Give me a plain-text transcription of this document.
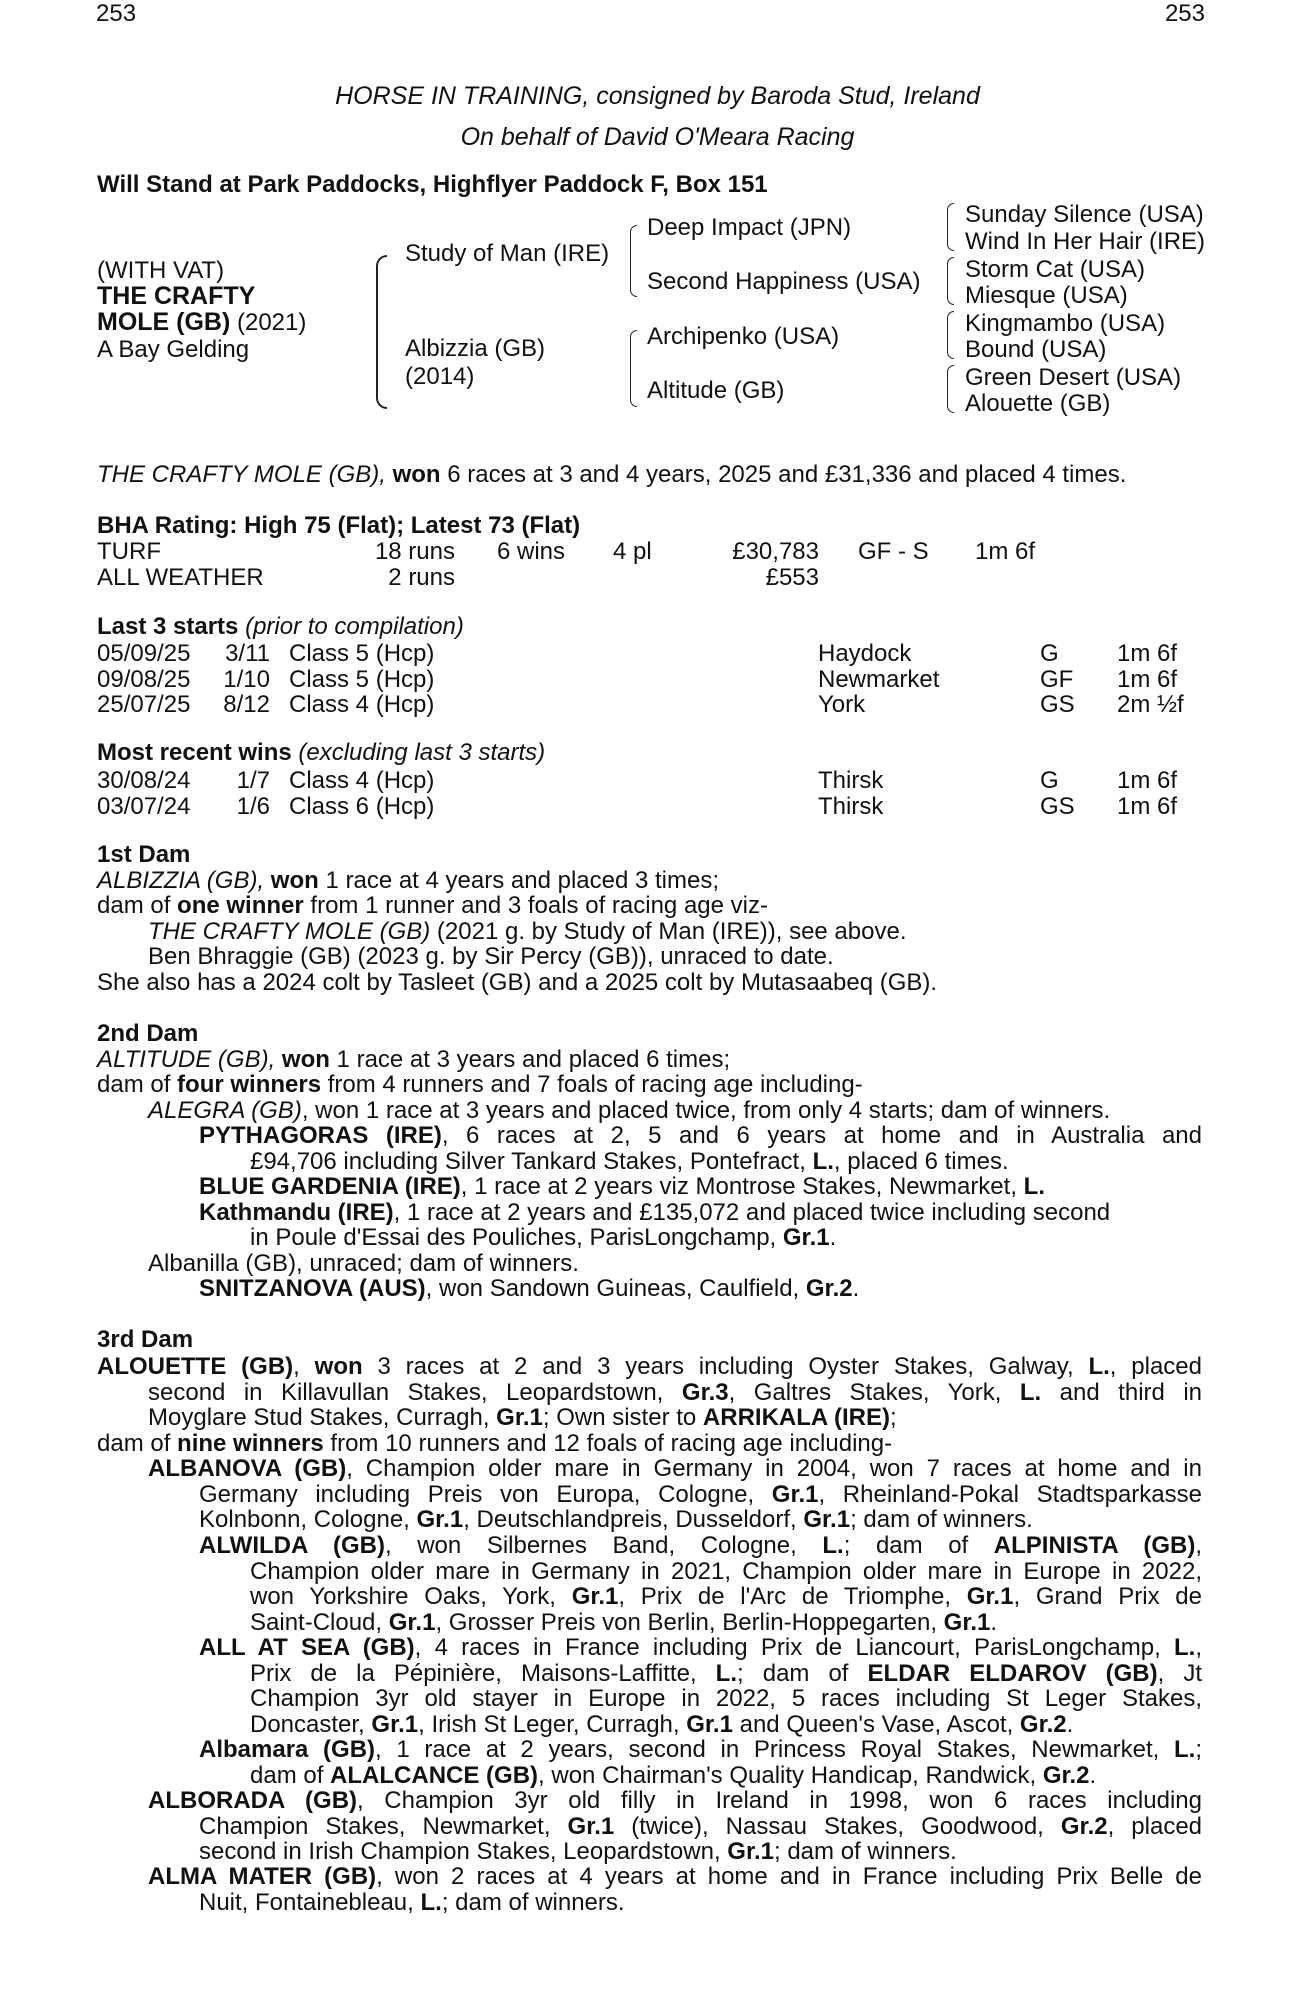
253
HORSE IN TRAINING, consigned by Baroda Stud, Ireland
On behalf of David O'Meara Racing
253
Will Stand at Park Paddocks, Highflyer Paddock F, Box 151
(WITH VAT)
THE CRAFTY
MOLE (GB) (2021)
A Bay Gelding
Study of Man (IRE)
Albizzia (GB)
(2014)
Deep Impact (JPN)
Second Happiness (USA)
Archipenko (USA)
Altitude (GB)
Sunday Silence (USA)
Wind In Her Hair (IRE)
Storm Cat (USA)
Miesque (USA)
Kingmambo (USA)
Bound (USA)
Green Desert (USA)
Alouette (GB)
THE CRAFTY MOLE (GB), won 6 races at 3 and 4 years, 2025 and £31,336 and placed 4 times.
BHA Rating: High 75 (Flat); Latest 73 (Flat)
TURF	18 runs 6 wins 4 pl	£30,783 GF - S 1m 6f
ALL WEATHER	2 runs	£553
Last 3 starts (prior to compilation)
05/09/25	3/11 Class 5 (Hcp)	Haydock	G 1m 6f
09/08/25	1/10 Class 5 (Hcp)	Newmarket	GF 1m 6f
25/07/25	8/12 Class 4 (Hcp)	York	GS 2m ½f
Most recent wins (excluding last 3 starts)
30/08/24	1/7 Class 4 (Hcp)	Thirsk	G 1m 6f
03/07/24	1/6 Class 6 (Hcp)	Thirsk	GS 1m 6f
1st Dam
ALBIZZIA (GB), won 1 race at 4 years and placed 3 times;
dam of one winner from 1 runner and 3 foals of racing age viz-
THE CRAFTY MOLE (GB) (2021 g. by Study of Man (IRE)), see above.
Ben Bhraggie (GB) (2023 g. by Sir Percy (GB)), unraced to date.
She also has a 2024 colt by Tasleet (GB) and a 2025 colt by Mutasaabeq (GB).
2nd Dam
ALTITUDE (GB), won 1 race at 3 years and placed 6 times;
dam of four winners from 4 runners and 7 foals of racing age including-
ALEGRA (GB), won 1 race at 3 years and placed twice, from only 4 starts; dam of winners.
PYTHAGORAS (IRE), 6 races at 2, 5 and 6 years at home and in Australia and
£94,706 including Silver Tankard Stakes, Pontefract, L., placed 6 times.
BLUE GARDENIA (IRE), 1 race at 2 years viz Montrose Stakes, Newmarket, L.
Kathmandu (IRE), 1 race at 2 years and £135,072 and placed twice including second
in Poule d'Essai des Pouliches, ParisLongchamp, Gr.1.
Albanilla (GB), unraced; dam of winners.
SNITZANOVA (AUS), won Sandown Guineas, Caulfield, Gr.2.
3rd Dam
ALOUETTE (GB), won 3 races at 2 and 3 years including Oyster Stakes, Galway, L., placed
second in Killavullan Stakes, Leopardstown, Gr.3, Galtres Stakes, York, L. and third in
Moyglare Stud Stakes, Curragh, Gr.1; Own sister to ARRIKALA (IRE);
dam of nine winners from 10 runners and 12 foals of racing age including-
ALBANOVA (GB), Champion older mare in Germany in 2004, won 7 races at home and in
Germany including Preis von Europa, Cologne, Gr.1, Rheinland-Pokal Stadtsparkasse
Kolnbonn, Cologne, Gr.1, Deutschlandpreis, Dusseldorf, Gr.1; dam of winners.
ALWILDA (GB), won Silbernes Band, Cologne, L.; dam of ALPINISTA (GB),
Champion older mare in Germany in 2021, Champion older mare in Europe in 2022,
won Yorkshire Oaks, York, Gr.1, Prix de l'Arc de Triomphe, Gr.1, Grand Prix de
Saint-Cloud, Gr.1, Grosser Preis von Berlin, Berlin-Hoppegarten, Gr.1.
ALL AT SEA (GB), 4 races in France including Prix de Liancourt, ParisLongchamp, L.,
Prix de la Pépinière, Maisons-Laffitte, L.; dam of ELDAR ELDAROV (GB), Jt
Champion 3yr old stayer in Europe in 2022, 5 races including St Leger Stakes,
Doncaster, Gr.1, Irish St Leger, Curragh, Gr.1 and Queen's Vase, Ascot, Gr.2.
Albamara (GB), 1 race at 2 years, second in Princess Royal Stakes, Newmarket, L.;
dam of ALALCANCE (GB), won Chairman's Quality Handicap, Randwick, Gr.2.
ALBORADA (GB), Champion 3yr old filly in Ireland in 1998, won 6 races including
Champion Stakes, Newmarket, Gr.1 (twice), Nassau Stakes, Goodwood, Gr.2, placed
second in Irish Champion Stakes, Leopardstown, Gr.1; dam of winners.
ALMA MATER (GB), won 2 races at 4 years at home and in France including Prix Belle de
Nuit, Fontainebleau, L.; dam of winners.
